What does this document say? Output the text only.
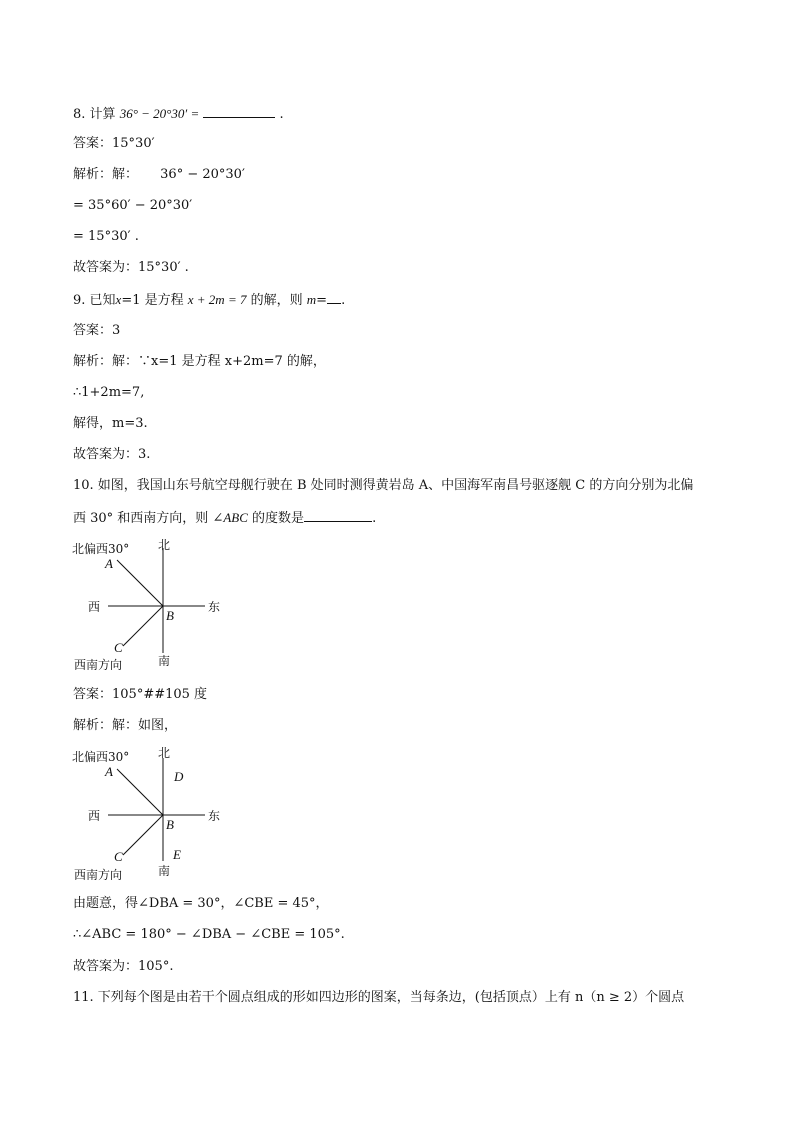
8. 计算 36° − 20°30′ =	.
答案：15°30′
解析：解： 36° − 20°30′
= 35°60′ − 20°30′
= 15°30′ .
故答案为：15°30′ .
9. 已知x=1 是方程 x + 2m = 7 的解，则 m= .
答案：3
解析：解：∵x=1 是方程 x+2m=7 的解，
∴1+2m=7,
解得，m=3.
故答案为：3.
10. 如图，我国山东号航空母舰行驶在 B 处同时测得黄岩岛 A、中国海军南昌号驱逐舰 C 的方向分别为北偏
西 30° 和西南方向，则 ∠ABC 的度数是	.
北偏西30° 北
A
西	东
B
C
南
西南方向
答案：105°##105 度
解析：解：如图，
北偏西30° 北
A	D
西	东
B
E
C
南
西南方向
由题意，得∠DBA = 30°，∠CBE = 45°，
∴∠ABC = 180° − ∠DBA − ∠CBE = 105°.
故答案为：105°.
11. 下列每个图是由若干个圆点组成的形如四边形的图案，当每条边，(包括顶点）上有 n（n ≥ 2）个圆点
